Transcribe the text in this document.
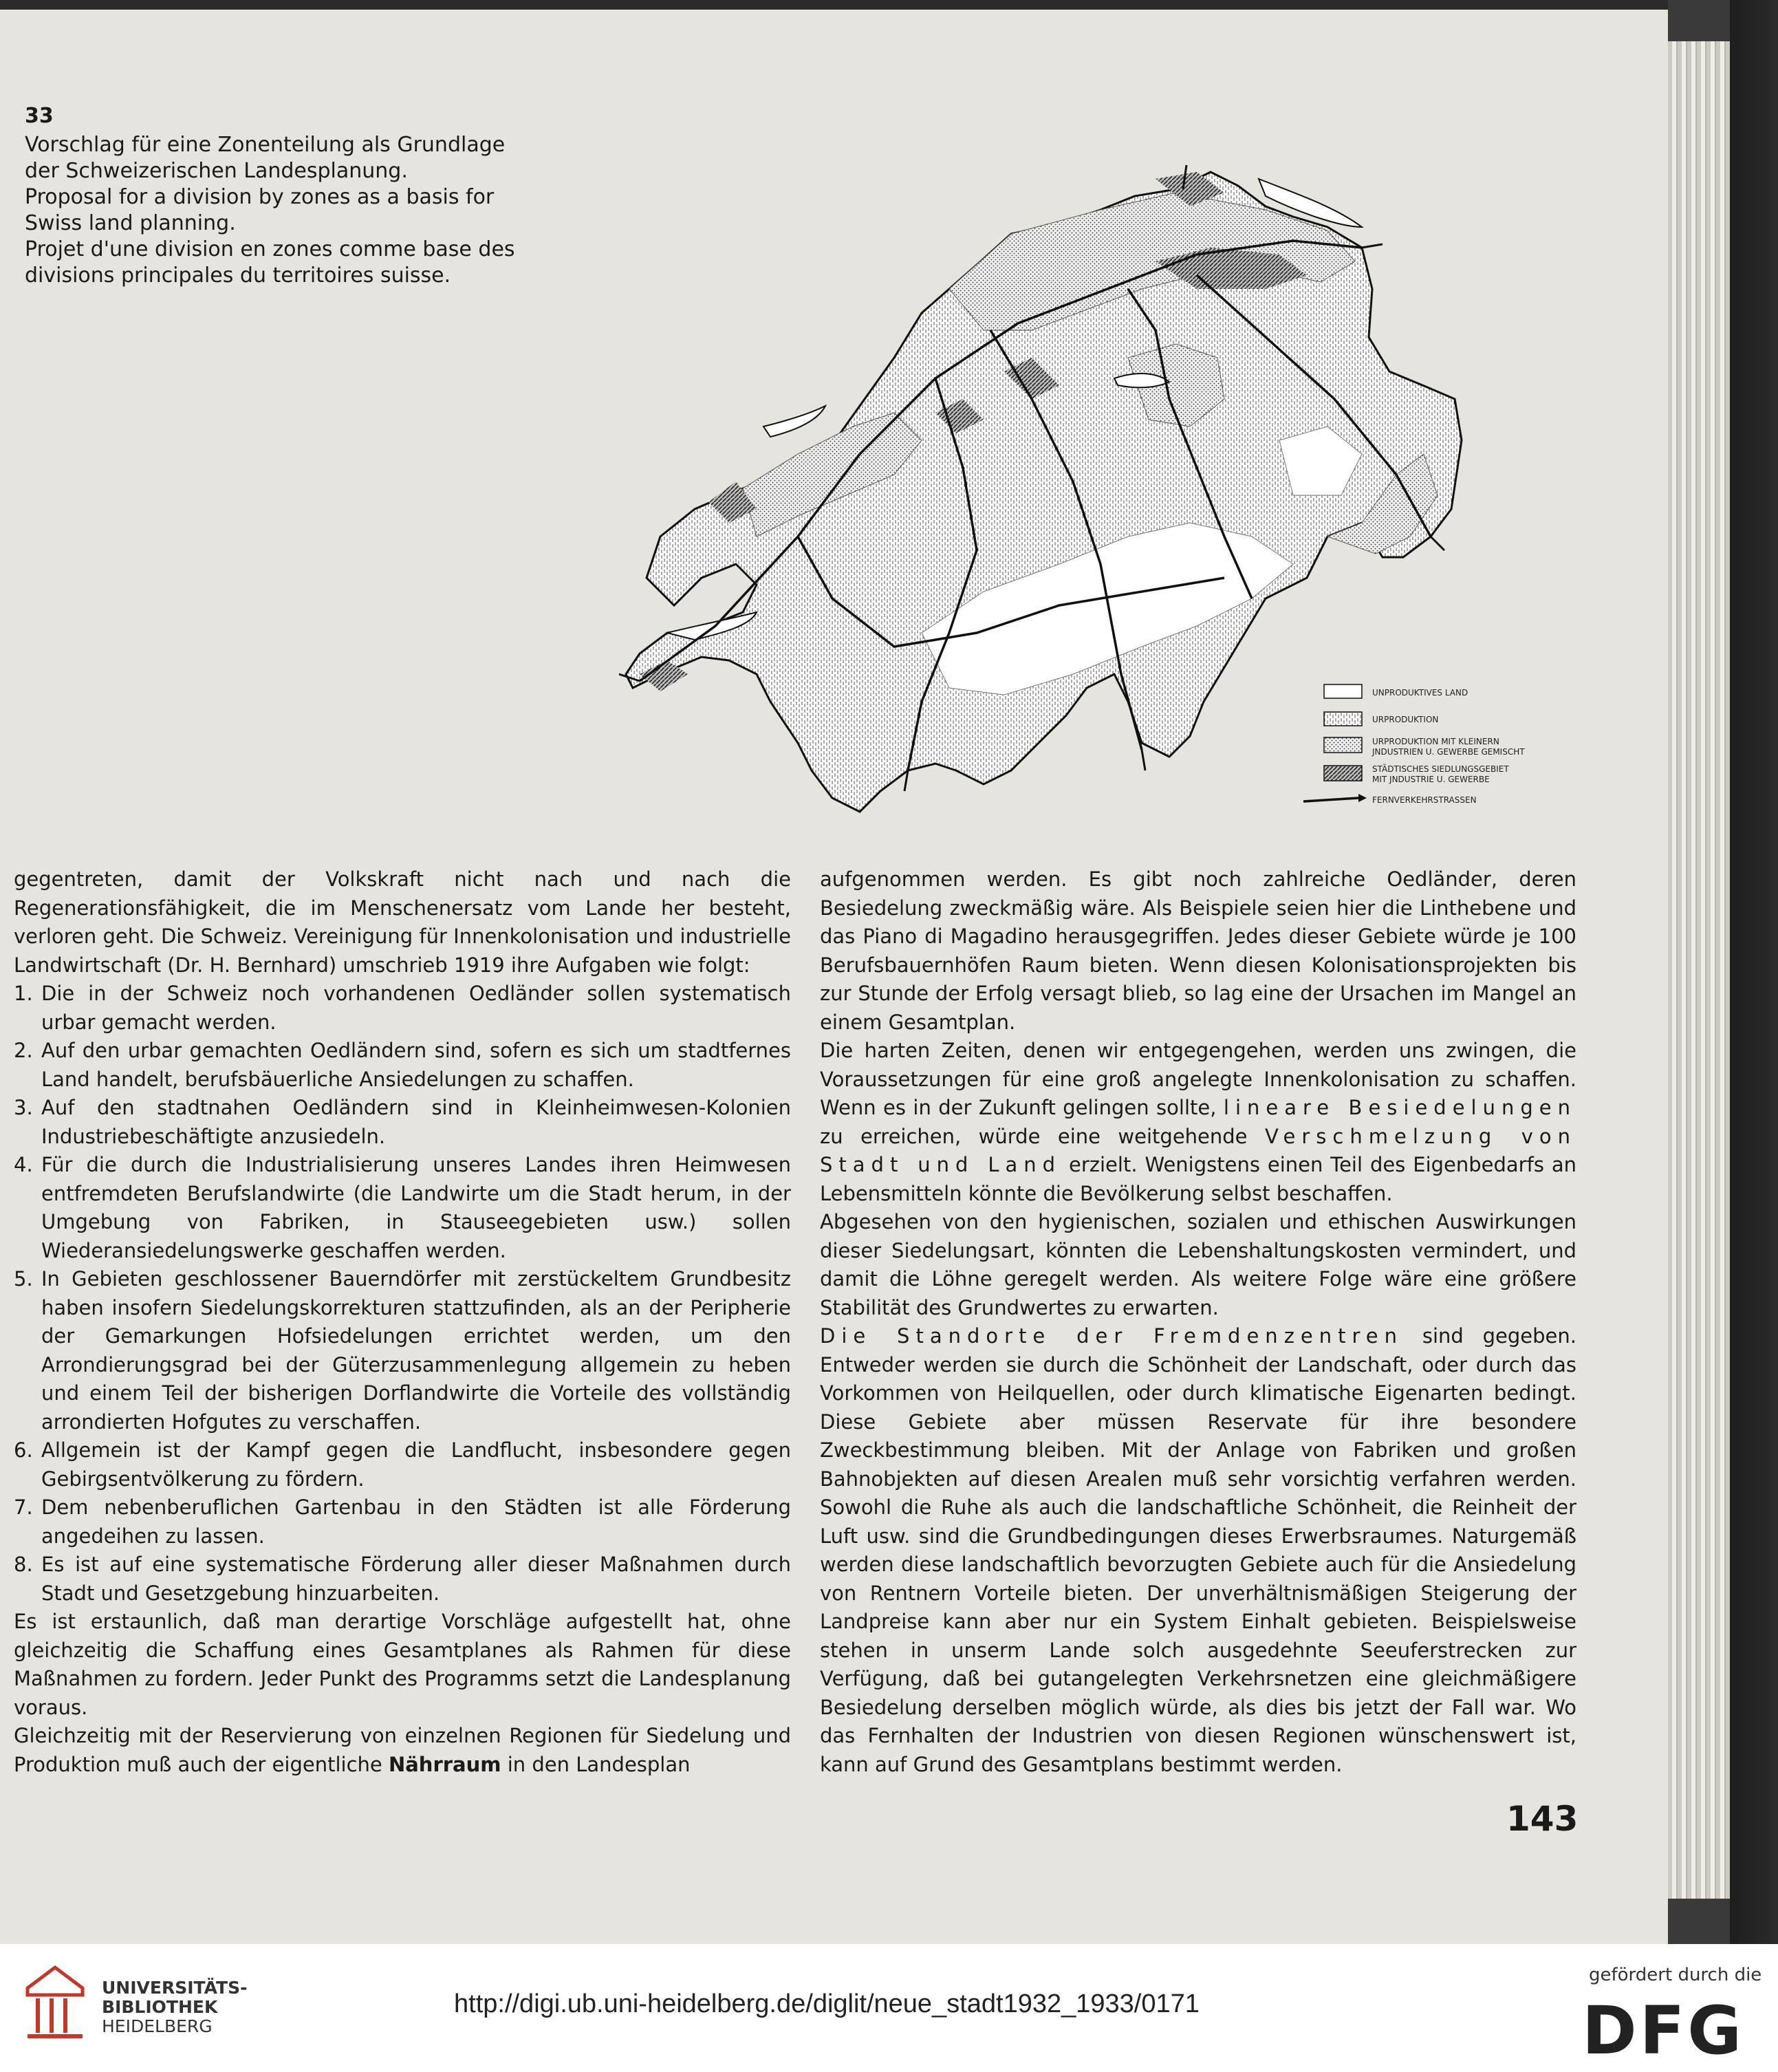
33
Vorschlag für eine Zonenteilung als Grundlage
der Schweizerischen Landesplanung.
Proposal for a division by zones as a basis for
Swiss land planning.
Projet d'une division en zones comme base des
divisions principales du territoires suisse.
UNPRODUKTIVES LAND
URPRODUKTION
URPRODUKTION MIT KLEINERN
JNDUSTRIEN U. GEWERBE GEMISCHT
STÄDTISCHES SIEDLUNGSGEBIET
MIT JNDUSTRIE U. GEWERBE
FERNVERKEHRSTRASSEN

gegentreten, damit der Volkskraft nicht nach und nach die Regenerationsfähigkeit, die im Menschenersatz vom Lande her besteht, verloren geht. Die Schweiz. Vereinigung für Innenkolonisation und industrielle Landwirtschaft (Dr. H. Bernhard) umschrieb 1919 ihre Aufgaben wie folgt:

1. Die in der Schweiz noch vorhandenen Oedländer sollen systematisch urbar gemacht werden.
2. Auf den urbar gemachten Oedländern sind, sofern es sich um stadtfernes Land handelt, berufsbäuerliche Ansiedelungen zu schaffen.
3. Auf den stadtnahen Oedländern sind in Kleinheimwesen-Kolonien Industriebeschäftigte anzusiedeln.
4. Für die durch die Industrialisierung unseres Landes ihren Heimwesen entfremdeten Berufslandwirte (die Landwirte um die Stadt herum, in der Umgebung von Fabriken, in Stauseegebieten usw.) sollen Wiederansiedelungswerke geschaffen werden.
5. In Gebieten geschlossener Bauerndörfer mit zerstückeltem Grundbesitz haben insofern Siedelungskorrekturen stattzufinden, als an der Peripherie der Gemarkungen Hofsiedelungen errichtet werden, um den Arrondierungsgrad bei der Güterzusammenlegung allgemein zu heben und einem Teil der bisherigen Dorflandwirte die Vorteile des vollständig arrondierten Hofgutes zu verschaffen.
6. Allgemein ist der Kampf gegen die Landflucht, insbesondere gegen Gebirgsentvölkerung zu fördern.
7. Dem nebenberuflichen Gartenbau in den Städten ist alle Förderung angedeihen zu lassen.
8. Es ist auf eine systematische Förderung aller dieser Maßnahmen durch Stadt und Gesetzgebung hinzuarbeiten.

Es ist erstaunlich, daß man derartige Vorschläge aufgestellt hat, ohne gleichzeitig die Schaffung eines Gesamtplanes als Rahmen für diese Maßnahmen zu fordern. Jeder Punkt des Programms setzt die Landesplanung voraus.

Gleichzeitig mit der Reservierung von einzelnen Regionen für Siedelung und Produktion muß auch der eigentliche Nährraum in den Landesplan

aufgenommen werden. Es gibt noch zahlreiche Oedländer, deren Besiedelung zweckmäßig wäre. Als Beispiele seien hier die Linthebene und das Piano di Magadino herausgegriffen. Jedes dieser Gebiete würde je 100 Berufsbauernhöfen Raum bieten. Wenn diesen Kolonisationsprojekten bis zur Stunde der Erfolg versagt blieb, so lag eine der Ursachen im Mangel an einem Gesamtplan.

Die harten Zeiten, denen wir entgegengehen, werden uns zwingen, die Voraussetzungen für eine groß angelegte Innenkolonisation zu schaffen. Wenn es in der Zukunft gelingen sollte, lineare Besiedelungen zu erreichen, würde eine weitgehende Verschmelzung von Stadt und Land erzielt. Wenigstens einen Teil des Eigenbedarfs an Lebensmitteln könnte die Bevölkerung selbst beschaffen.

Abgesehen von den hygienischen, sozialen und ethischen Auswirkungen dieser Siedelungsart, könnten die Lebenshaltungskosten vermindert, und damit die Löhne geregelt werden. Als weitere Folge wäre eine größere Stabilität des Grundwertes zu erwarten.

Die Standorte der Fremdenzentren sind gegeben. Entweder werden sie durch die Schönheit der Landschaft, oder durch das Vorkommen von Heilquellen, oder durch klimatische Eigenarten bedingt. Diese Gebiete aber müssen Reservate für ihre besondere Zweckbestimmung bleiben. Mit der Anlage von Fabriken und großen Bahnobjekten auf diesen Arealen muß sehr vorsichtig verfahren werden. Sowohl die Ruhe als auch die landschaftliche Schönheit, die Reinheit der Luft usw. sind die Grundbedingungen dieses Erwerbsraumes. Naturgemäß werden diese landschaftlich bevorzugten Gebiete auch für die Ansiedelung von Rentnern Vorteile bieten. Der unverhältnismäßigen Steigerung der Landpreise kann aber nur ein System Einhalt gebieten. Beispielsweise stehen in unserm Lande solch ausgedehnte Seeuferstrecken zur Verfügung, daß bei gutangelegten Verkehrsnetzen eine gleichmäßigere Besiedelung derselben möglich würde, als dies bis jetzt der Fall war. Wo das Fernhalten der Industrien von diesen Regionen wünschenswert ist, kann auf Grund des Gesamtplans bestimmt werden.

143
UNIVERSITÄTS-
BIBLIOTHEK
HEIDELBERG
http://digi.ub.uni-heidelberg.de/diglit/neue_stadt1932_1933/0171
gefördert durch die
DFG
